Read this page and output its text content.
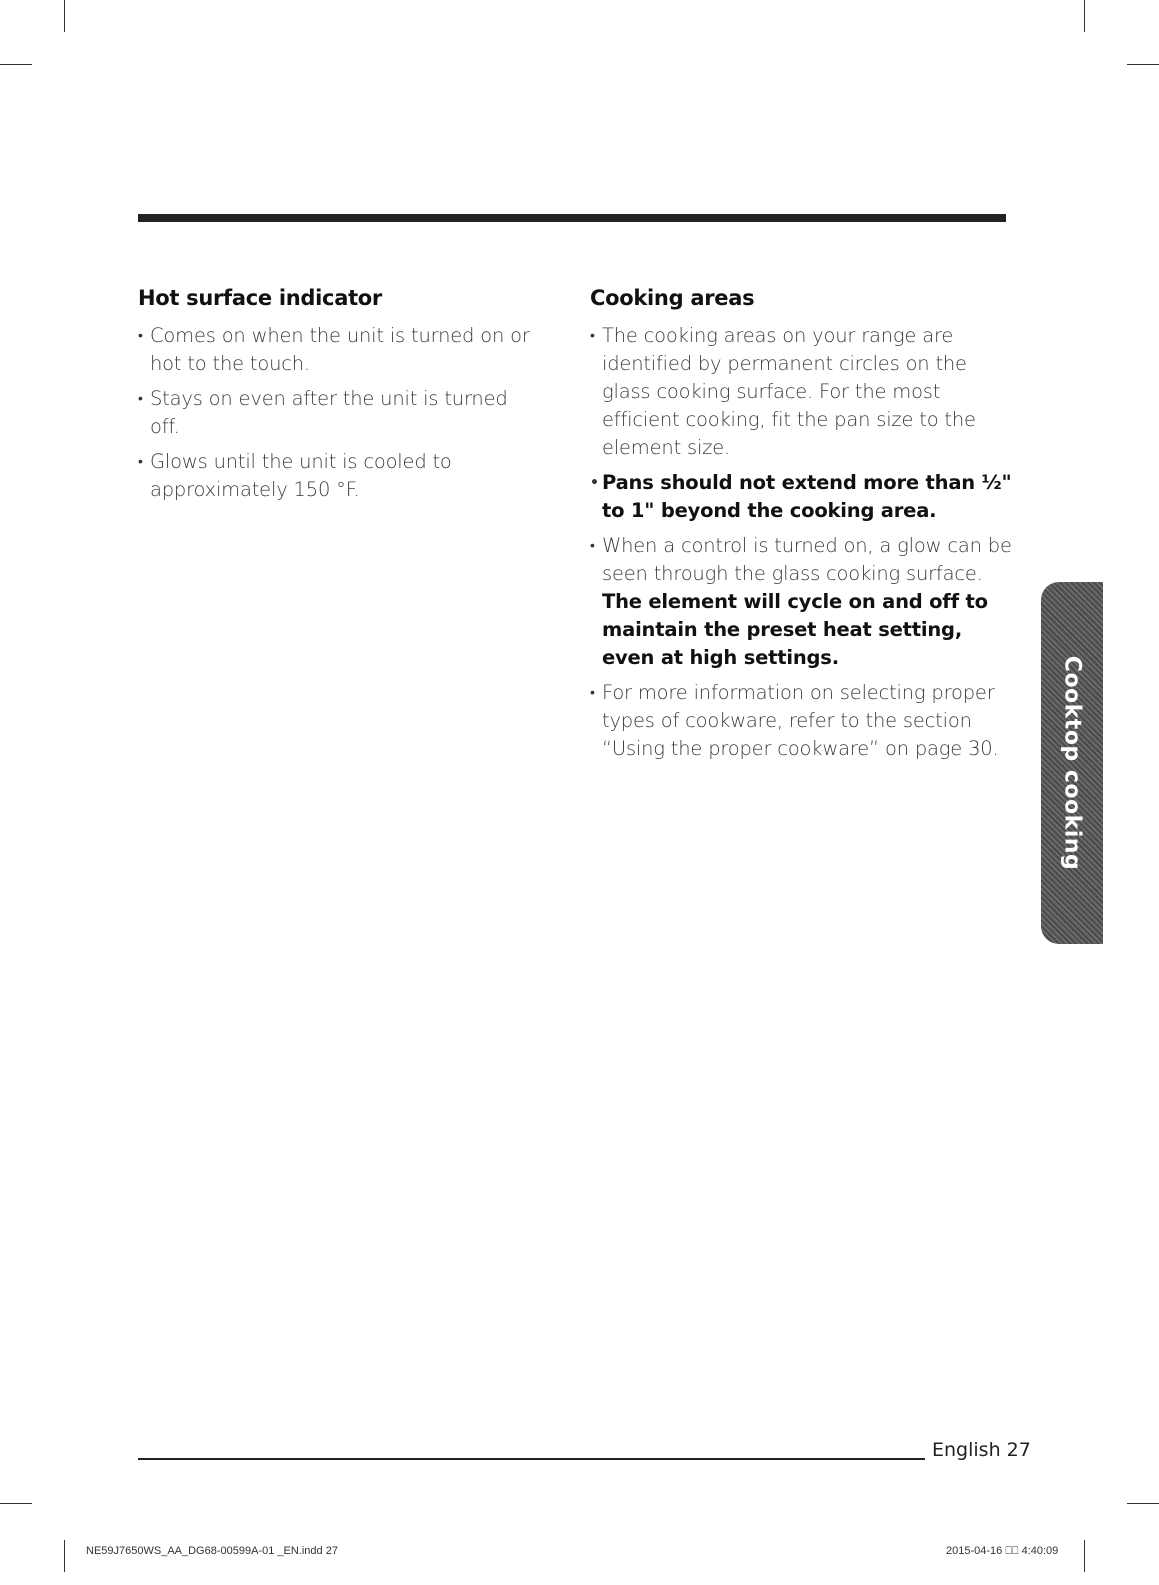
Hot surface indicator
• Comes on when the unit is turned on or hot to the touch.
• Stays on even after the unit is turned off.
• Glows until the unit is cooled to approximately 150 °F.
Cooking areas
• The cooking areas on your range are identified by permanent circles on the glass cooking surface. For the most efficient cooking, fit the pan size to the element size.
• Pans should not extend more than ½" to 1" beyond the cooking area.
• When a control is turned on, a glow can be seen through the glass cooking surface. The element will cycle on and off to maintain the preset heat setting, even at high settings.
• For more information on selecting proper types of cookware, refer to the section “Using the proper cookware” on page 30.	Cooktop cooking
English 27
NE59J7650WS_AA_DG68-00599A-01 _EN.indd 27	2015-04-16 ⎕⎕ 4:40:09
